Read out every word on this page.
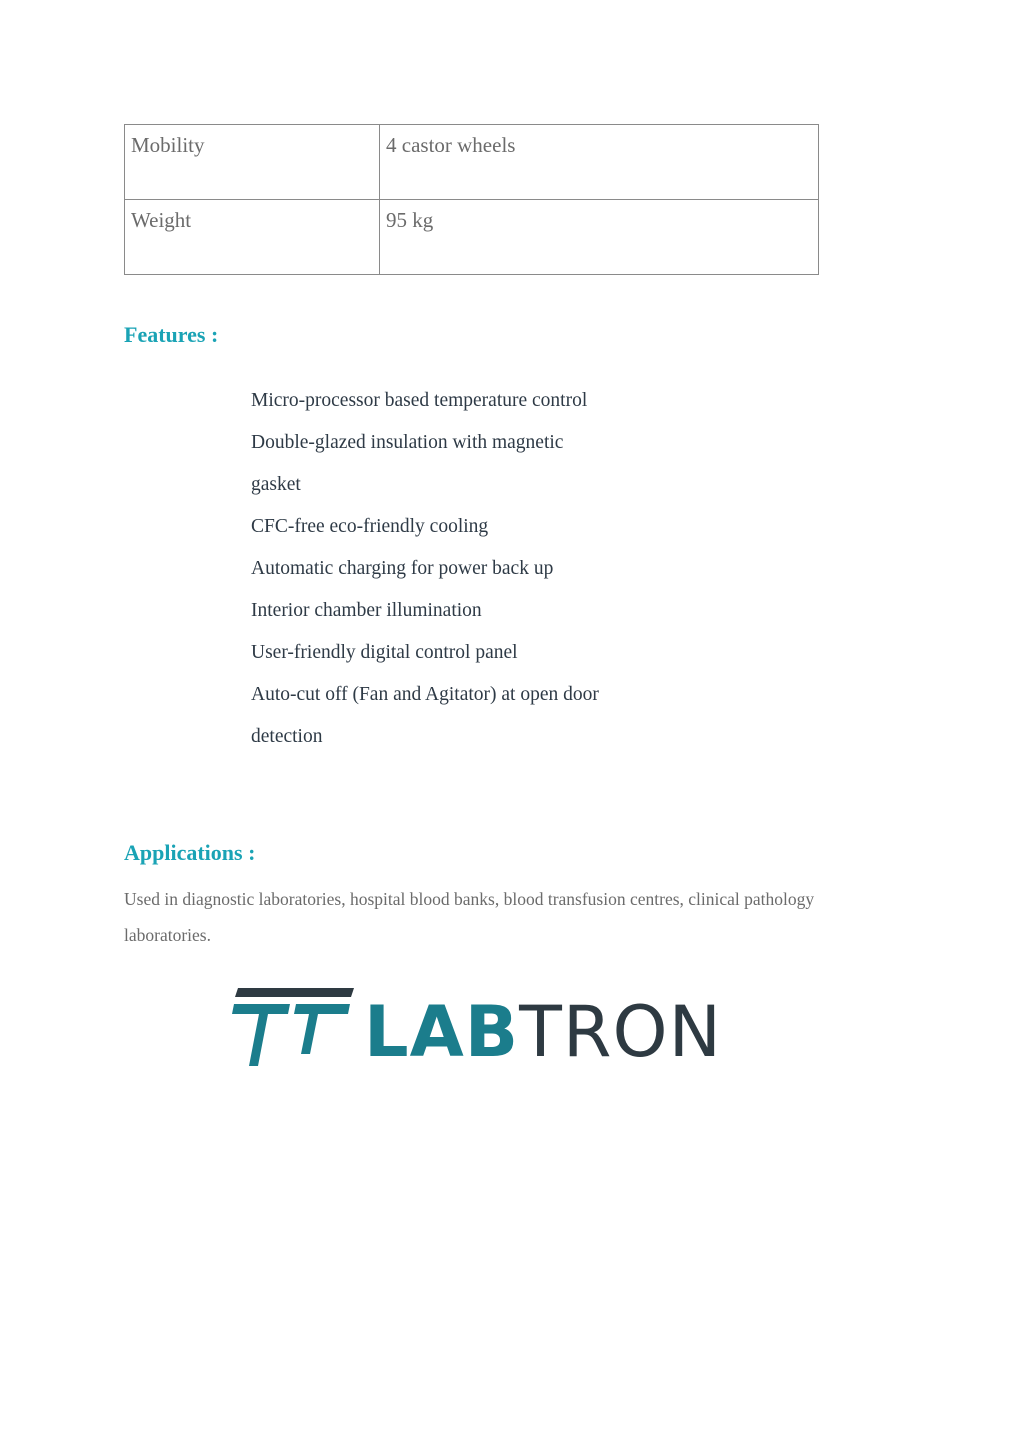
Mobility	4 castor wheels
Weight	95 kg
Features :
Micro-processor based temperature control
Double-glazed insulation with magnetic
gasket
CFC-free eco-friendly cooling
Automatic charging for power back up
Interior chamber illumination
User-friendly digital control panel
Auto-cut off (Fan and Agitator) at open door
detection
Applications :

Used in diagnostic laboratories, hospital blood banks, blood transfusion centres, clinical pathology laboratories.

LABTRON
